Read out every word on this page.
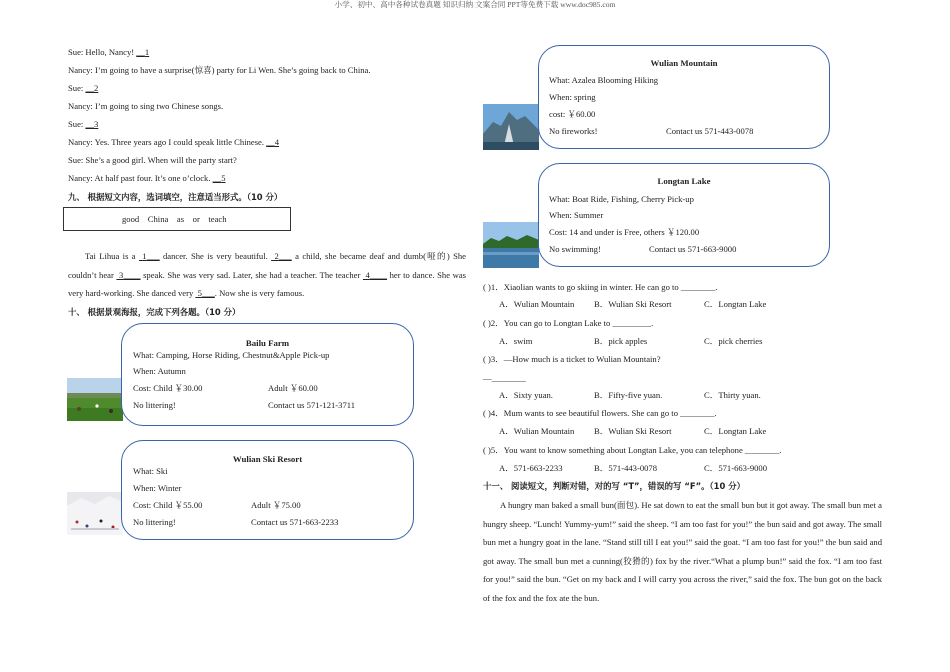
小学、初中、高中各种试卷真题 知识归纳 文案合同 PPT等免费下载 www.doc985.com
Sue: Hello, Nancy! __1
Nancy: I’m going to have a surprise(惊喜) party for Li Wen. She’s going back to China.
Sue: __2
Nancy: I’m going to sing two Chinese songs.
Sue: __3
Nancy: Yes. Three years ago I could speak little Chinese. __4
Sue: She’s a good girl. When will the party start?
Nancy: At half past four. It’s one o’clock. __5
九、 根据短文内容，选词填空，注意适当形式。（10 分）
good    China    as    or    teach
Tai Lihua is a  1___ dancer. She is very beautiful.  2___ a child, she became deaf and dumb(哑的) She couldn’t hear  3____ speak. She was very sad. Later, she had a teacher. The teacher  4____ her to dance. She was very hard-working. She danced very  5___. Now she is very famous.
十、 根据景观海报，完成下列各题。（10 分）
Bailu Farm
What: Camping, Horse Riding, Chestnut&Apple Pick-up
When: Autumn
Cost: Child ￥30.00	Adult ￥60.00
No littering!	Contact us 571-121-3711
Wulian Ski Resort
What: Ski
When: Winter
Cost: Child ￥55.00	Adult ￥75.00
No littering!	Contact us 571-663-2233
Wulian Mountain
What: Azalea Blooming Hiking
When: spring
cost: ￥60.00
No fireworks!	Contact us 571-443-0078
Longtan Lake
What: Boat Ride, Fishing, Cherry Pick-up
When: Summer
Cost: 14 and under is Free, others ￥120.00
No swimming!	Contact us 571-663-9000
( )1．Xiaolian wants to go skiing in winter. He can go to ________.
A．Wulian Mountain B．Wulian Ski Resort	C．Longtan Lake
( )2．You can go to Longtan Lake to _________.
A．swim	B．pick apples	C．pick cherries
( )3．—How much is a ticket to Wulian Mountain?
—________
A．Sixty yuan.	B．Fifty-five yuan.	C．Thirty yuan.
( )4．Mum wants to see beautiful flowers. She can go to ________.
A．Wulian Mountain B．Wulian Ski Resort	C．Longtan Lake
( )5．You want to know something about Longtan Lake, you can telephone ________.
A．571-663-2233	B．571-443-0078	C．571-663-9000
十一、 阅读短文，判断对错，对的写 “T”，错误的写 “F”。（10 分）
A hungry man baked a small bun(面包). He sat down to eat the small bun but it got away. The small bun met a hungry sheep. “Lunch! Yummy-yum!” said the sheep. “I am too fast for you!” the bun said and got away. The small bun met a hungry goat in the lane. “Stand still till I eat you!” said the goat. “I am too fast for you!” the bun said and got away. The small bun met a cunning(狡猾的) fox by the river.“What a plump bun!” said the fox. “I am too fast for you!” said the bun. “Get on my back and I will carry you across the river,” said the fox. The bun got on the back of the fox and the fox ate the bun.
